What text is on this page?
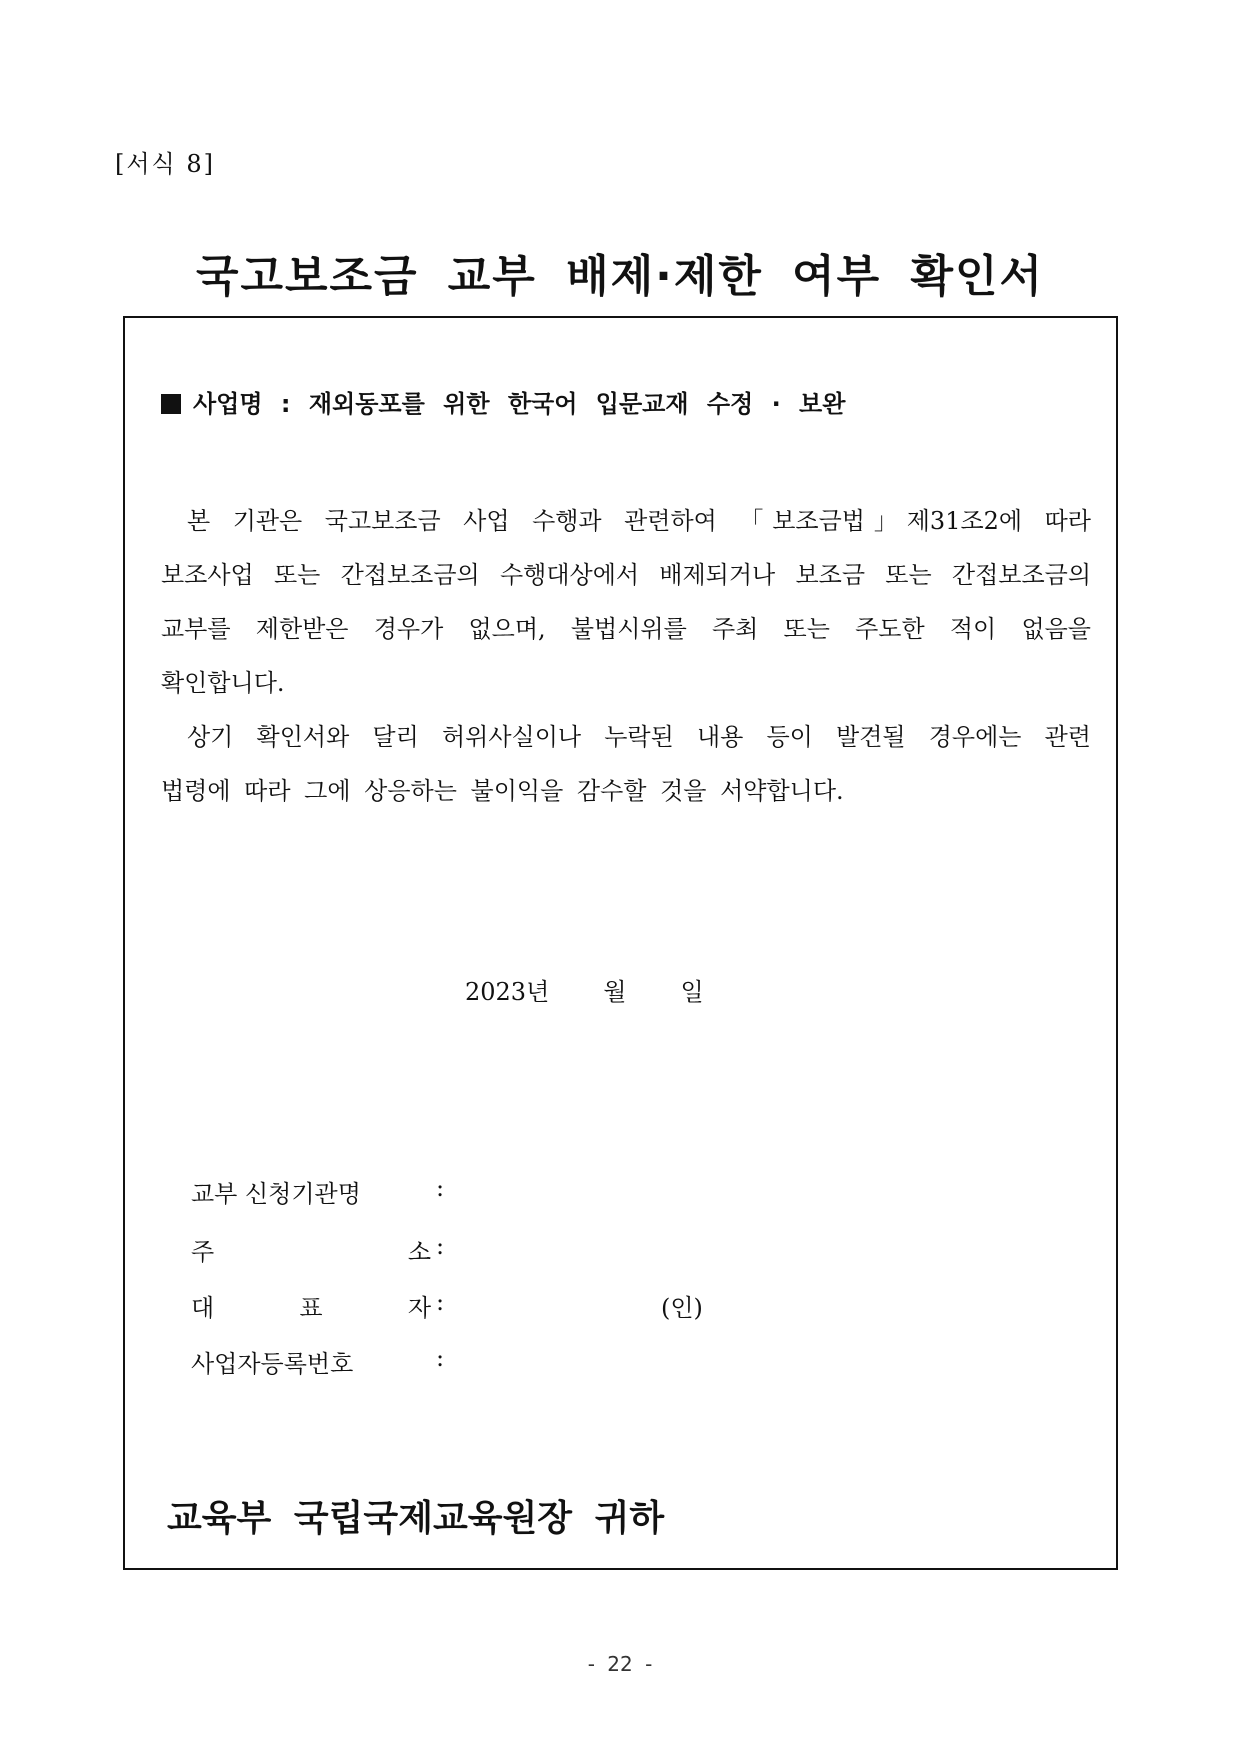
[서식 8]
국고보조금 교부 배제·제한 여부 확인서
사업명 : 재외동포를 위한 한국어 입문교재 수정 · 보완
본 기관은 국고보조금 사업 수행과 관련하여 「보조금법」제31조2에 따라
보조사업 또는 간접보조금의 수행대상에서 배제되거나 보조금 또는 간접보조금의
교부를 제한받은 경우가 없으며, 불법시위를 주최 또는 주도한 적이 없음을
확인합니다.
상기 확인서와 달리 허위사실이나 누락된 내용 등이 발견될 경우에는 관련
법령에 따라 그에 상응하는 불이익을 감수할 것을 서약합니다.
2023년 월 일
교부 신청기관명	:
주	소 :
대	표	자 :	(인)
사업자등록번호	:
교육부 국립국제교육원장 귀하
- 22 -
